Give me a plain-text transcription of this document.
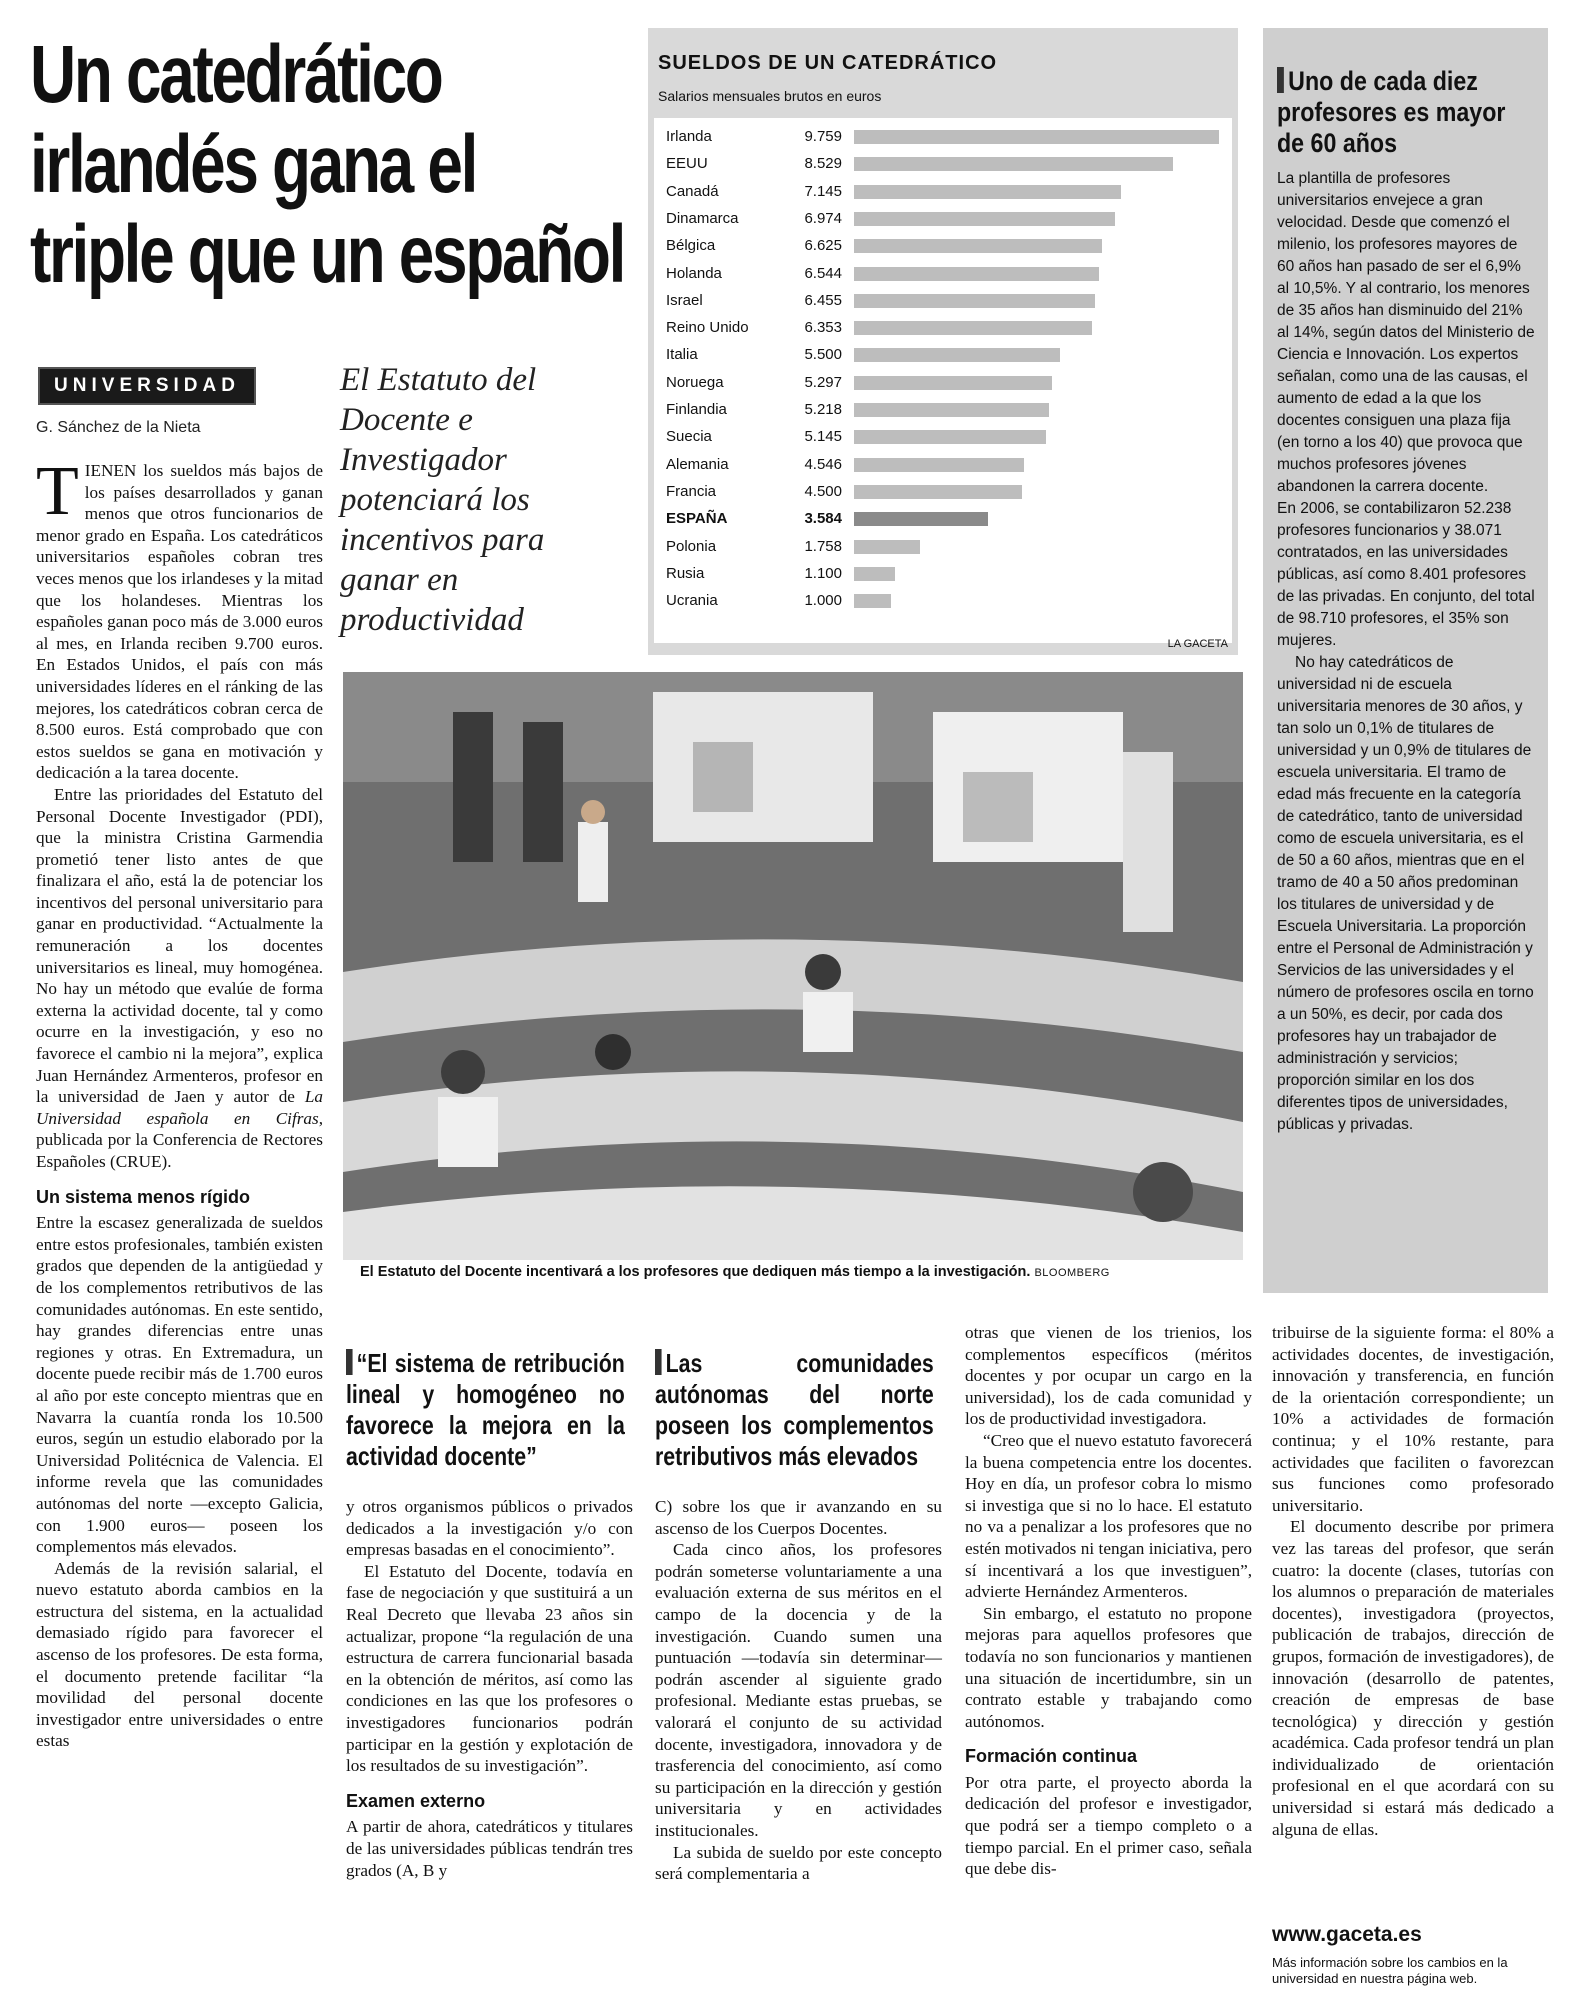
Un catedrático
irlandés gana el
triple que un español
UNIVERSIDAD
G. Sánchez de la Nieta
El Estatuto del Docente e Investigador potenciará los incentivos para ganar en productividad

TIENEN los sueldos más bajos de los países desarrollados y ganan menos que otros funcionarios de menor grado en España. Los catedráticos universitarios españoles cobran tres veces menos que los irlandeses y la mitad que los holandeses. Mientras los españoles ganan poco más de 3.000 euros al mes, en Irlanda reciben 9.700 euros. En Estados Unidos, el país con más universidades líderes en el ránking de las mejores, los catedráticos cobran cerca de 8.500 euros. Está comprobado que con estos sueldos se gana en motivación y dedicación a la tarea docente.

Entre las prioridades del Estatuto del Personal Docente Investigador (PDI), que la ministra Cristina Garmendia prometió tener listo antes de que finalizara el año, está la de potenciar los incentivos del personal universitario para ganar en productividad. “Actualmente la remuneración a los docentes universitarios es lineal, muy homogénea. No hay un método que evalúe de forma externa la actividad docente, tal y como ocurre en la investigación, y eso no favorece el cambio ni la mejora”, explica Juan Hernández Armenteros, profesor en la universidad de Jaen y autor de La Universidad española en Cifras, publicada por la Conferencia de Rectores Españoles (CRUE).

Un sistema menos rígido

Entre la escasez generalizada de sueldos entre estos profesionales, también existen grados que dependen de la antigüedad y de los complementos retributivos de las comunidades autónomas. En este sentido, hay grandes diferencias entre unas regiones y otras. En Extremadura, un docente puede recibir más de 1.700 euros al año por este concepto mientras que en Navarra la cuantía ronda los 10.500 euros, según un estudio elaborado por la Universidad Politécnica de Valencia. El informe revela que las comunidades autónomas del norte —excepto Galicia, con 1.900 euros— poseen los complementos más elevados.

Además de la revisión salarial, el nuevo estatuto aborda cambios en la estructura del sistema, en la actualidad demasiado rígido para favorecer el ascenso de los profesores. De esta forma, el documento pretende facilitar “la movilidad del personal docente investigador entre universidades o entre estas

SUELDOS DE UN CATEDRÁTICO
Salarios mensuales brutos en euros
Irlanda	9.759
EEUU	8.529
Canadá	7.145
Dinamarca	6.974
Bélgica	6.625
Holanda	6.544
Israel	6.455
Reino Unido	6.353
Italia	5.500
Noruega	5.297
Finlandia	5.218
Suecia	5.145
Alemania	4.546
Francia	4.500
ESPAÑA	3.584
Polonia	1.758
Rusia	1.100
Ucrania	1.000
LA GACETA
Uno de cada diez profesores es mayor de 60 años

La plantilla de profesores universitarios envejece a gran velocidad. Desde que comenzó el milenio, los profesores mayores de 60 años han pasado de ser el 6,9% al 10,5%. Y al contrario, los menores de 35 años han disminuido del 21% al 14%, según datos del Ministerio de Ciencia e Innovación. Los expertos señalan, como una de las causas, el aumento de edad a la que los docentes consiguen una plaza fija (en torno a los 40) que provoca que muchos profesores jóvenes abandonen la carrera docente.

En 2006, se contabilizaron 52.238 profesores funcionarios y 38.071 contratados, en las universidades públicas, así como 8.401 profesores de las privadas. En conjunto, del total de 98.710 profesores, el 35% son mujeres.

No hay catedráticos de universidad ni de escuela universitaria menores de 30 años, y tan solo un 0,1% de titulares de universidad y un 0,9% de titulares de escuela universitaria. El tramo de edad más frecuente en la categoría de catedrático, tanto de universidad como de escuela universitaria, es el de 50 a 60 años, mientras que en el tramo de 40 a 50 años predominan los titulares de universidad y de Escuela Universitaria. La proporción entre el Personal de Administración y Servicios de las universidades y el número de profesores oscila en torno a un 50%, es decir, por cada dos profesores hay un trabajador de administración y servicios; proporción similar en los dos diferentes tipos de universidades, públicas y privadas.

El Estatuto del Docente incentivará a los profesores que dediquen más tiempo a la investigación. BLOOMBERG
“El sistema de retribución lineal y homogéneo no favorece la mejora en la actividad docente”

y otros organismos públicos o privados dedicados a la investigación y/o con empresas basadas en el conocimiento”.

El Estatuto del Docente, todavía en fase de negociación y que sustituirá a un Real Decreto que llevaba 23 años sin actualizar, propone “la regulación de una estructura de carrera funcionarial basada en la obtención de méritos, así como las condiciones en las que los profesores o investigadores funcionarios podrán participar en la gestión y explotación de los resultados de su investigación”.

Examen externo

A partir de ahora, catedráticos y titulares de las universidades públicas tendrán tres grados (A, B y

Las comunidades autónomas del norte poseen los complementos retributivos más elevados

C) sobre los que ir avanzando en su ascenso de los Cuerpos Docentes.

Cada cinco años, los profesores podrán someterse voluntariamente a una evaluación externa de sus méritos en el campo de la docencia y de la investigación. Cuando sumen una puntuación —todavía sin determinar— podrán ascender al siguiente grado profesional. Mediante estas pruebas, se valorará el conjunto de su actividad docente, investigadora, innovadora y de trasferencia del conocimiento, así como su participación en la dirección y gestión universitaria y en actividades institucionales.

La subida de sueldo por este concepto será complementaria a

otras que vienen de los trienios, los complementos específicos (méritos docentes y por ocupar un cargo en la universidad), los de cada comunidad y los de productividad investigadora.

“Creo que el nuevo estatuto favorecerá la buena competencia entre los docentes. Hoy en día, un profesor cobra lo mismo si investiga que si no lo hace. El estatuto no va a penalizar a los profesores que no estén motivados ni tengan iniciativa, pero sí incentivará a los que investiguen”, advierte Hernández Armenteros.

Sin embargo, el estatuto no propone mejoras para aquellos profesores que todavía no son funcionarios y mantienen una situación de incertidumbre, sin un contrato estable y trabajando como autónomos.

Formación continua

Por otra parte, el proyecto aborda la dedicación del profesor e investigador, que podrá ser a tiempo completo o a tiempo parcial. En el primer caso, señala que debe dis-

tribuirse de la siguiente forma: el 80% a actividades docentes, de investigación, innovación y transferencia, en función de la orientación correspondiente; un 10% a actividades de formación continua; y el 10% restante, para actividades que faciliten o favorezcan sus funciones como profesorado universitario.

El documento describe por primera vez las tareas del profesor, que serán cuatro: la docente (clases, tutorías con los alumnos o preparación de materiales docentes), investigadora (proyectos, publicación de trabajos, dirección de grupos, formación de investigadores), de innovación (desarrollo de patentes, creación de empresas de base tecnológica) y dirección y gestión académica. Cada profesor tendrá un plan individualizado de orientación profesional en el que acordará con su universidad si estará más dedicado a alguna de ellas.

www.gaceta.es
Más información sobre los cambios en la universidad en nuestra página web.
